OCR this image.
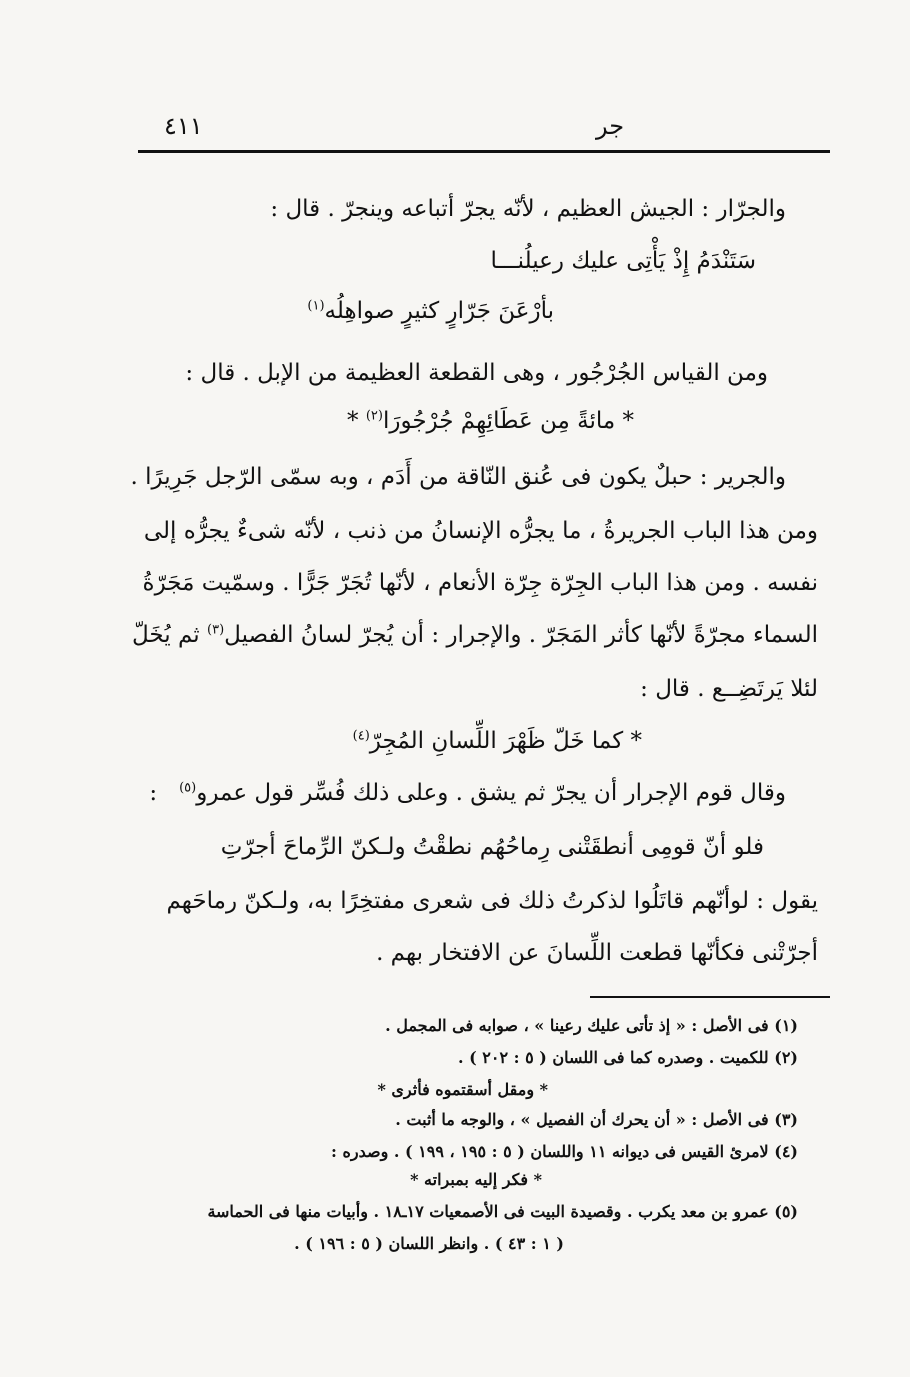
٤١١	جر
والجرّار : الجيش العظيم ، لأنّه يجرّ أتباعه وينجرّ . قال :
سَتَنْدَمُ إِذْ يَأْتِى عليك رعيلُنـــا
بأرْعَنَ جَرّارٍ كثيرٍ صواهِلُه$^{(١)}$
ومن القياس الجُرْجُور ، وهى القطعة العظيمة من الإبل . قال :
* مائةً مِن عَطَائِهِمْ جُرْجُورَا$^{(٢)}$ *
والجرير : حبلٌ يكون فى عُنق النّاقة من أَدَم ، وبه سمّى الرّجل جَرِيرًا .
ومن هذا الباب الجريرةُ ، ما يجرُّه الإنسانُ من ذنب ، لأنّه شىءٌ يجرُّه إلى
نفسه . ومن هذا الباب الجِرّة جِرّة الأنعام ، لأنّها تُجَرّ جَرًّا . وسمّيت مَجَرّةُ
السماء مجرّةً لأنّها كأثر المَجَرّ . والإجرار : أن يُجرّ لسانُ الفصيل$^{(٣)}$ ثم يُخَلّ
لئلا يَرتَضِــع . قال :
* كما خَلّ ظَهْرَ اللِّسانِ المُجِرّ$^{(٤)}$
وقال قوم الإجرار أن يجرّ ثم يشق . وعلى ذلك فُسِّر قول عمرو$^{(٥)}$   :
فلو أنّ قومِى أنطقَتْنى رِماحُهُم نطقْتُ ولـكنّ الرِّماحَ أجرّتِ
يقول : لوأنّهم قاتَلُوا لذكرتُ ذلك فى شعرى مفتخِرًا به، ولـكنّ رماحَهم
أجرّتْنى فكأنّها قطعت اللِّسانَ عن الافتخار بهم .
(١) فى الأصل : « إذ تأتى عليك رعينا » ، صوابه فى المجمل .
(٢) للكميت . وصدره كما فى اللسان ( ٥ : ٢٠٢ ) .
* ومقل أسقتموه فأثرى *
(٣) فى الأصل : « أن يحرك أن الفصيل » ، والوجه ما أثبت .
(٤) لامرئ القيس فى ديوانه ١١ واللسان ( ٥ : ١٩٥ ، ١٩٩ ) . وصدره :
* فكر إليه بمبراته *
(٥) عمرو بن معد يكرب . وقصيدة البيت فى الأصمعيات ١٧ـ١٨ . وأبيات منها فى الحماسة
( ١ : ٤٣ ) . وانظر اللسان ( ٥ : ١٩٦ ) .
